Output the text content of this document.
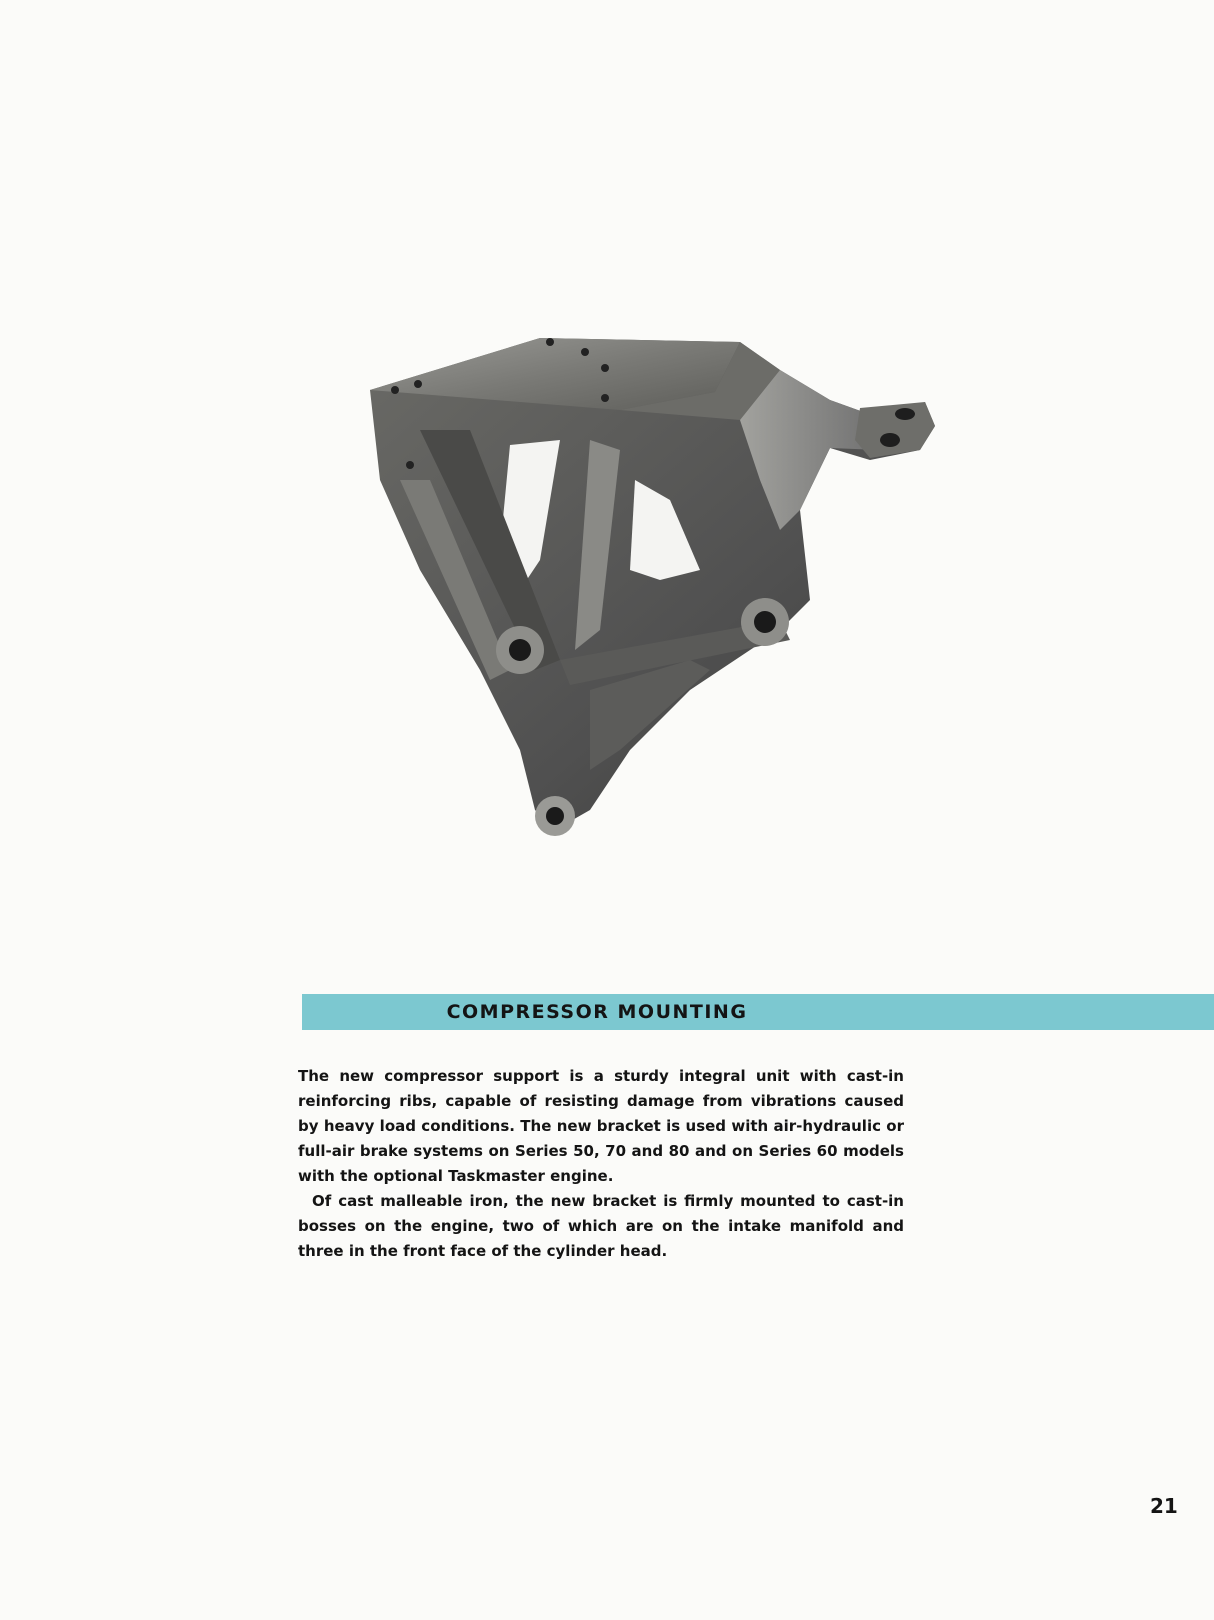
COMPRESSOR MOUNTING

The new compressor support is a sturdy integral unit with cast-in reinforcing ribs, capable of resisting damage from vibrations caused by heavy load conditions. The new bracket is used with air-hydraulic or full-air brake systems on Series 50, 70 and 80 and on Series 60 models with the optional Taskmaster engine.

Of cast malleable iron, the new bracket is firmly mounted to cast-in bosses on the engine, two of which are on the intake manifold and three in the front face of the cylinder head.

21
